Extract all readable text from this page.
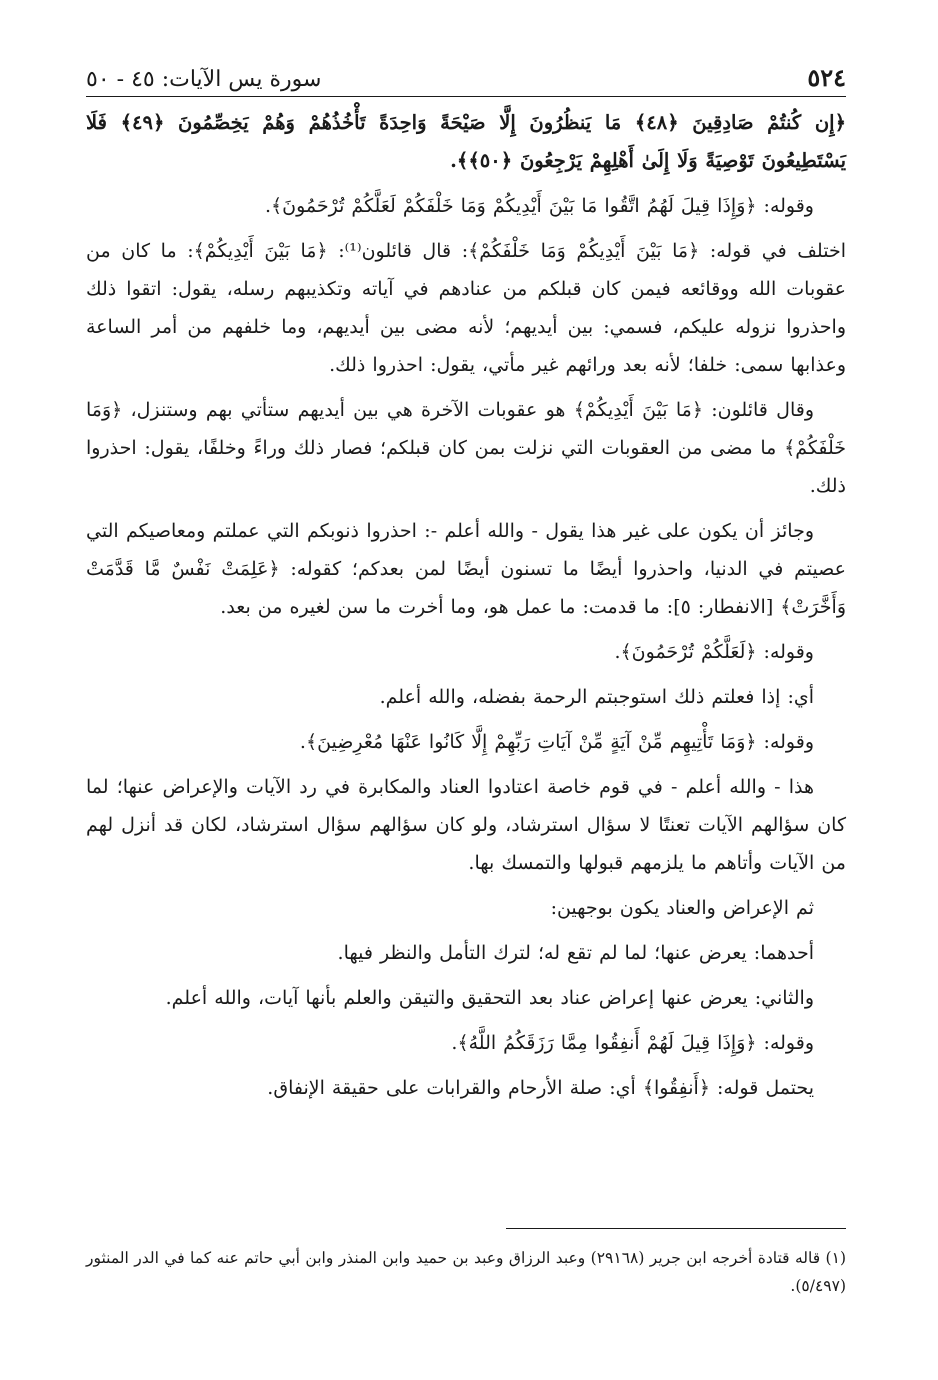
٥٢٤
سورة يس الآيات: ٤٥ - ٥٠

﴿إِن كُنتُمْ صَادِقِينَ ﴿٤٨﴾ مَا يَنظُرُونَ إِلَّا صَيْحَةً وَاحِدَةً تَأْخُذُهُمْ وَهُمْ يَخِصِّمُونَ ﴿٤٩﴾ فَلَا يَسْتَطِيعُونَ تَوْصِيَةً وَلَا إِلَىٰ أَهْلِهِمْ يَرْجِعُونَ ﴿٥٠﴾﴾.

وقوله: ﴿وَإِذَا قِيلَ لَهُمُ اتَّقُوا مَا بَيْنَ أَيْدِيكُمْ وَمَا خَلْفَكُمْ لَعَلَّكُمْ تُرْحَمُونَ﴾.

اختلف في قوله: ﴿مَا بَيْنَ أَيْدِيكُمْ وَمَا خَلْفَكُمْ﴾: قال قائلون⁽¹⁾: ﴿مَا بَيْنَ أَيْدِيكُمْ﴾: ما كان من عقوبات الله ووقائعه فيمن كان قبلكم من عنادهم في آياته وتكذيبهم رسله، يقول: اتقوا ذلك واحذروا نزوله عليكم، فسمي: بين أيديهم؛ لأنه مضى بين أيديهم، وما خلفهم من أمر الساعة وعذابها سمى: خلفا؛ لأنه بعد ورائهم غير مأتي، يقول: احذروا ذلك.

وقال قائلون: ﴿مَا بَيْنَ أَيْدِيكُمْ﴾ هو عقوبات الآخرة هي بين أيديهم ستأتي بهم وستنزل، ﴿وَمَا خَلْفَكُمْ﴾ ما مضى من العقوبات التي نزلت بمن كان قبلكم؛ فصار ذلك وراءً وخلفًا، يقول: احذروا ذلك.

وجائز أن يكون على غير هذا يقول - والله أعلم -: احذروا ذنوبكم التي عملتم ومعاصيكم التي عصيتم في الدنيا، واحذروا أيضًا ما تسنون أيضًا لمن بعدكم؛ كقوله: ﴿عَلِمَتْ نَفْسٌ مَّا قَدَّمَتْ وَأَخَّرَتْ﴾ [الانفطار: ٥]: ما قدمت: ما عمل هو، وما أخرت ما سن لغيره من بعد.

وقوله: ﴿لَعَلَّكُمْ تُرْحَمُونَ﴾.

أي: إذا فعلتم ذلك استوجبتم الرحمة بفضله، والله أعلم.

وقوله: ﴿وَمَا تَأْتِيهِم مِّنْ آيَةٍ مِّنْ آيَاتِ رَبِّهِمْ إِلَّا كَانُوا عَنْهَا مُعْرِضِينَ﴾.

هذا - والله أعلم - في قوم خاصة اعتادوا العناد والمكابرة في رد الآيات والإعراض عنها؛ لما كان سؤالهم الآيات تعنتًا لا سؤال استرشاد، ولو كان سؤالهم سؤال استرشاد، لكان قد أنزل لهم من الآيات وأتاهم ما يلزمهم قبولها والتمسك بها.

ثم الإعراض والعناد يكون بوجهين:

أحدهما: يعرض عنها؛ لما لم تقع له؛ لترك التأمل والنظر فيها.

والثاني: يعرض عنها إعراض عناد بعد التحقيق والتيقن والعلم بأنها آيات، والله أعلم.

وقوله: ﴿وَإِذَا قِيلَ لَهُمْ أَنفِقُوا مِمَّا رَزَقَكُمُ اللَّهُ﴾.

يحتمل قوله: ﴿أَنفِقُوا﴾ أي: صلة الأرحام والقرابات على حقيقة الإنفاق.

(١) قاله قتادة أخرجه ابن جرير (٢٩١٦٨) وعبد الرزاق وعبد بن حميد وابن المنذر وابن أبي حاتم عنه كما في الدر المنثور (٥/٤٩٧).
